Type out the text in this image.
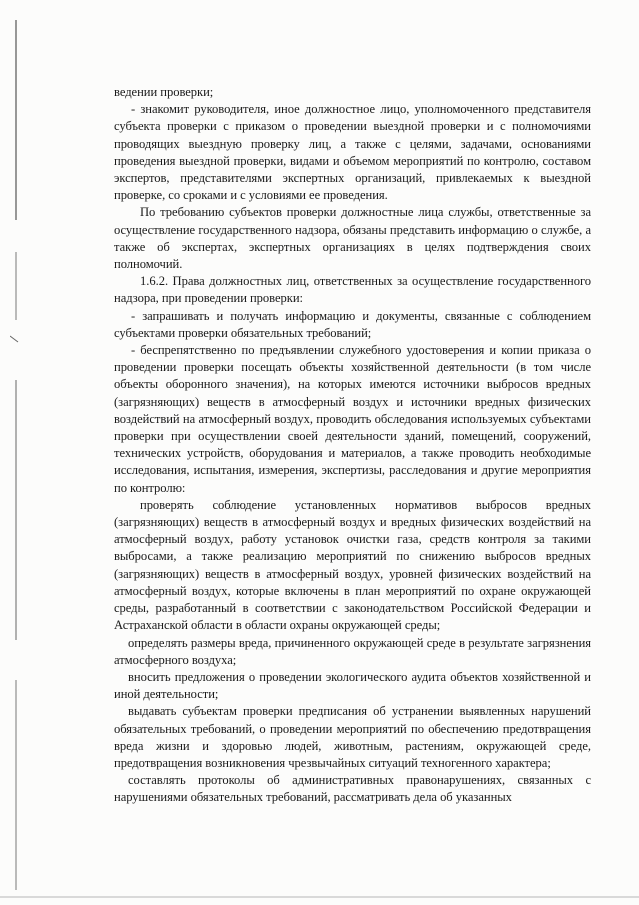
ведении проверки;

- знакомит руководителя, иное должностное лицо, уполномоченного представителя субъекта проверки с приказом о проведении выездной проверки и с полномочиями проводящих выездную проверку лиц, а также с целями, задачами, основаниями проведения выездной проверки, видами и объемом мероприятий по контролю, составом экспертов, представителями экспертных организаций, привлекаемых к выездной проверке, со сроками и с условиями ее проведения.

По требованию субъектов проверки должностные лица службы, ответственные за осуществление государственного надзора, обязаны представить информацию о службе, а также об экспертах, экспертных организациях в целях подтверждения своих полномочий.

1.6.2. Права должностных лиц, ответственных за осуществление государственного надзора, при проведении проверки:

- запрашивать и получать информацию и документы, связанные с соблюдением субъектами проверки обязательных требований;

- беспрепятственно по предъявлении служебного удостоверения и копии приказа о проведении проверки посещать объекты хозяйственной деятельности (в том числе объекты оборонного значения), на которых имеются источники выбросов вредных (загрязняющих) веществ в атмосферный воздух и источники вредных физических воздействий на атмосферный воздух, проводить обследования используемых субъектами проверки при осуществлении своей деятельности зданий, помещений, сооружений, технических устройств, оборудования и материалов, а также проводить необходимые исследования, испытания, измерения, экспертизы, расследования и другие мероприятия по контролю:

проверять соблюдение установленных нормативов выбросов вредных (загрязняющих) веществ в атмосферный воздух и вредных физических воздействий на атмосферный воздух, работу установок очистки газа, средств контроля за такими выбросами, а также реализацию мероприятий по снижению выбросов вредных (загрязняющих) веществ в атмосферный воздух, уровней физических воздействий на атмосферный воздух, которые включены в план мероприятий по охране окружающей среды, разработанный в соответствии с законодательством Российской Федерации и Астраханской области в области охраны окружающей среды;

определять размеры вреда, причиненного окружающей среде в результате загрязнения атмосферного воздуха;

вносить предложения о проведении экологического аудита объектов хозяйственной и иной деятельности;

выдавать субъектам проверки предписания об устранении выявленных нарушений обязательных требований, о проведении мероприятий по обеспечению предотвращения вреда жизни и здоровью людей, животным, растениям, окружающей среде, предотвращения возникновения чрезвычайных ситуаций техногенного характера;

составлять протоколы об административных правонарушениях, связанных с нарушениями обязательных требований, рассматривать дела об указанных
